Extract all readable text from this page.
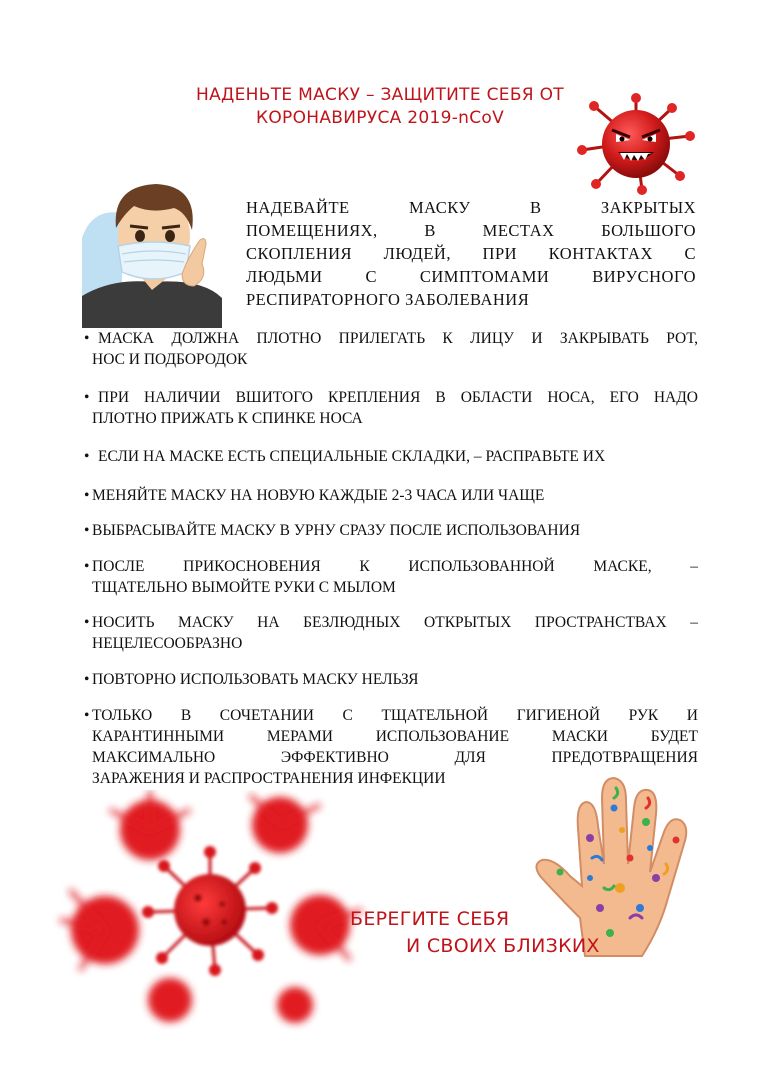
НАДЕНЬТЕ МАСКУ – ЗАЩИТИТЕ СЕБЯ ОТ
КОРОНАВИРУСА 2019-nCoV
НАДЕВАЙТЕ МАСКУ В ЗАКРЫТЫХ
ПОМЕЩЕНИЯХ, В МЕСТАХ БОЛЬШОГО
СКОПЛЕНИЯ ЛЮДЕЙ, ПРИ КОНТАКТАХ С
ЛЮДЬМИ С СИМПТОМАМИ ВИРУСНОГО
РЕСПИРАТОРНОГО ЗАБОЛЕВАНИЯ
• МАСКА ДОЛЖНА ПЛОТНО ПРИЛЕГАТЬ К ЛИЦУ И ЗАКРЫВАТЬ РОТ,
НОС И ПОДБОРОДОК
• ПРИ НАЛИЧИИ ВШИТОГО КРЕПЛЕНИЯ В ОБЛАСТИ НОСА, ЕГО НАДО
ПЛОТНО ПРИЖАТЬ К СПИНКЕ НОСА
• ЕСЛИ НА МАСКЕ ЕСТЬ СПЕЦИАЛЬНЫЕ СКЛАДКИ, – РАСПРАВЬТЕ ИХ
• МЕНЯЙТЕ МАСКУ НА НОВУЮ КАЖДЫЕ 2-3 ЧАСА ИЛИ ЧАЩЕ
• ВЫБРАСЫВАЙТЕ МАСКУ В УРНУ СРАЗУ ПОСЛЕ ИСПОЛЬЗОВАНИЯ
• ПОСЛЕ ПРИКОСНОВЕНИЯ К ИСПОЛЬЗОВАННОЙ МАСКЕ, –
ТЩАТЕЛЬНО ВЫМОЙТЕ РУКИ С МЫЛОМ
• НОСИТЬ МАСКУ НА БЕЗЛЮДНЫХ ОТКРЫТЫХ ПРОСТРАНСТВАХ –
НЕЦЕЛЕСООБРАЗНО
• ПОВТОРНО ИСПОЛЬЗОВАТЬ МАСКУ НЕЛЬЗЯ
• ТОЛЬКО В СОЧЕТАНИИ С ТЩАТЕЛЬНОЙ ГИГИЕНОЙ РУК И
КАРАНТИННЫМИ МЕРАМИ ИСПОЛЬЗОВАНИЕ МАСКИ БУДЕТ
МАКСИМАЛЬНО ЭФФЕКТИВНО ДЛЯ ПРЕДОТВРАЩЕНИЯ
ЗАРАЖЕНИЯ И РАСПРОСТРАНЕНИЯ ИНФЕКЦИИ
БЕРЕГИТЕ СЕБЯ
И СВОИХ БЛИЗКИХ
